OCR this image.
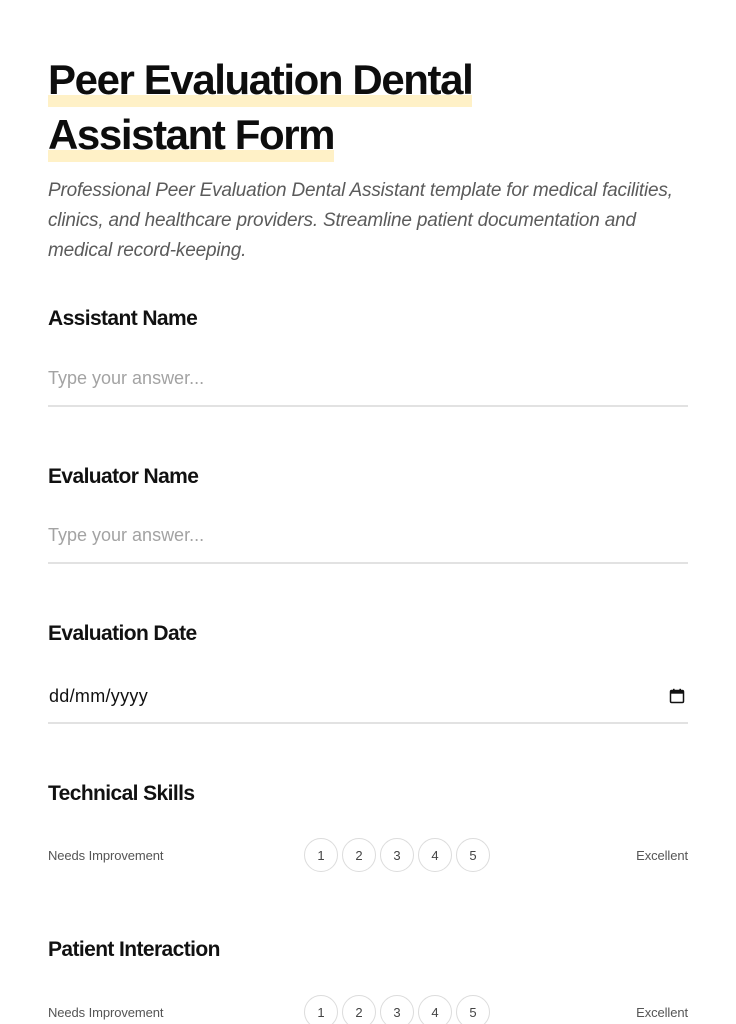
Peer Evaluation Dental
Assistant Form

Professional Peer Evaluation Dental Assistant template for medical facilities, clinics, and healthcare providers. Streamline patient documentation and medical record-keeping.

Assistant Name
Type your answer...
Evaluator Name
Type your answer...
Evaluation Date
dd/mm/yyyy
Technical Skills
Needs Improvement	1	2	3	4	5	Excellent
Patient Interaction
Needs Improvement	1	2	3	4	5	Excellent
